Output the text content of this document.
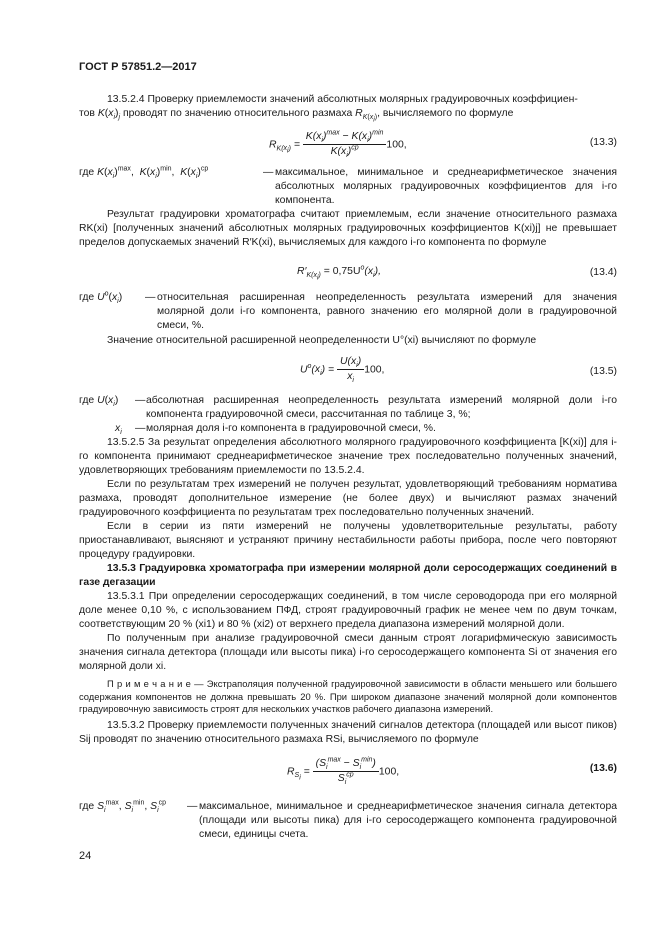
ГОСТ Р 57851.2—2017
13.5.2.4 Проверку приемлемости значений абсолютных молярных градуировочных коэффициен-
тов $K(x_i)_j$ проводят по значению относительного размаха $R_{K(x_i)}$, вычисляемого по формуле
$R_{K(x_i)} = \frac{K(x_i)^{max} - K(x_i)^{min}}{K(x_i)^{ср}} 100$,	(13.3)
где $K(x_i)^{max}$,  $K(x_i)^{min}$,  $K(x_i)^{ср}$	— максимальное, минимальное и среднеарифметическое значения абсолютных молярных градуировочных коэффициентов для i-го компонента.
Результат градуировки хроматографа считают приемлемым, если значение относительного размаха RK(xi) [полученных значений абсолютных молярных градуировочных коэффициентов K(xi)j] не превышает пределов допускаемых значений R′K(xi), вычисляемых для каждого i-го компонента по формуле
$R'_{K(x_i)} = 0,75U^o(x_i)$,	(13.4)
где $U^o(x_i)$ — относительная расширенная неопределенность результата измерений для значения молярной доли i-го компонента, равного значению его молярной доли в градуировочной смеси, %.
Значение относительной расширенной неопределенности U°(xi) вычисляют по формуле
$U^o(x_i) = \frac{U(x_i)}{x_i} 100$,	(13.5)
где $U(x_i)$ — абсолютная расширенная неопределенность результата измерений молярной доли i-го компонента градуировочной смеси, рассчитанная по таблице 3, %;
$x_i$ — молярная доля i-го компонента в градуировочной смеси, %.
13.5.2.5 За результат определения абсолютного молярного градуировочного коэффициента [K(xi)] для i-го компонента принимают среднеарифметическое значение трех последовательно полученных значений, удовлетворяющих требованиям приемлемости по 13.5.2.4.
Если по результатам трех измерений не получен результат, удовлетворяющий требованиям норматива размаха, проводят дополнительное измерение (не более двух) и вычисляют размах значений градуировочного коэффициента по результатам трех последовательно полученных значений.
Если в серии из пяти измерений не получены удовлетворительные результаты, работу приостанавливают, выясняют и устраняют причину нестабильности работы прибора, после чего повторяют процедуру градуировки.
13.5.3 Градуировка хроматографа при измерении молярной доли серосодержащих соединений в газе дегазации
13.5.3.1 При определении серосодержащих соединений, в том числе сероводорода при его молярной доле менее 0,10 %, с использованием ПФД, строят градуировочный график не менее чем по двум точкам, соответствующим 20 % (xi1) и 80 % (xi2) от верхнего предела диапазона измерений молярной доли.
По полученным при анализе градуировочной смеси данным строят логарифмическую зависимость значения сигнала детектора (площади или высоты пика) i-го серосодержащего компонента Si от значения его молярной доли xi.
П р и м е ч а н и е — Экстраполяция полученной градуировочной зависимости в области меньшего или большего содержания компонентов не должна превышать 20 %. При широком диапазоне значений молярной доли компонентов градуировочную зависимость строят для нескольких участков рабочего диапазона измерений.
13.5.3.2 Проверку приемлемости полученных значений сигналов детектора (площадей или высот пиков) Sij проводят по значению относительного размаха RSi, вычисляемого по формуле
$R_{S_i} = \frac{(S_i^{max} - S_i^{min})}{S_i^{ср}} 100$,	(13.6)
где $S_i^{max}$, $S_i^{min}$, $S_i^{ср}$ — максимальное, минимальное и среднеарифметическое значения сигнала детектора (площади или высоты пика) для i-го серосодержащего компонента градуировочной смеси, единицы счета.
24
